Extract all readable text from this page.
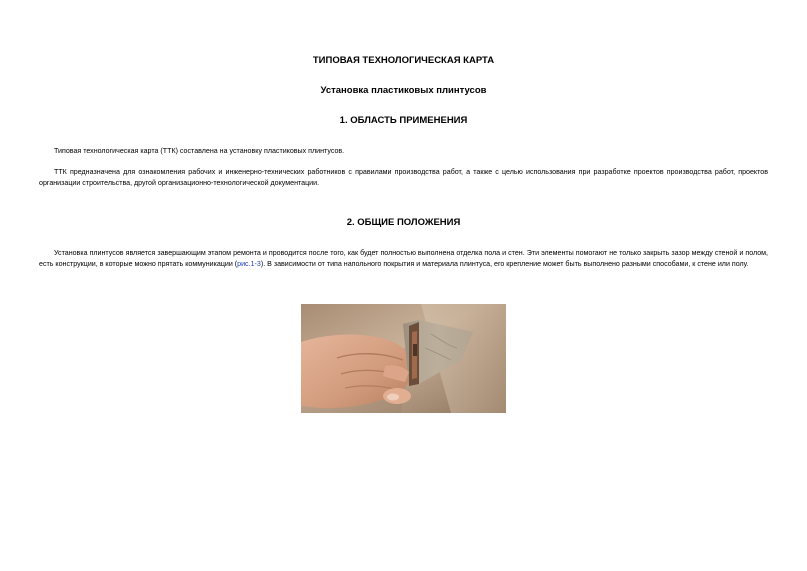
ТИПОВАЯ ТЕХНОЛОГИЧЕСКАЯ КАРТА
Установка пластиковых плинтусов
1. ОБЛАСТЬ ПРИМЕНЕНИЯ
Типовая технологическая карта (ТТК) составлена на установку пластиковых плинтусов.
ТТК предназначена для ознакомления рабочих и инженерно-технических работников с правилами производства работ, а также с целью использования при разработке проектов производства работ, проектов организации строительства, другой организационно-технологической документации.
2. ОБЩИЕ ПОЛОЖЕНИЯ
Установка плинтусов является завершающим этапом ремонта и проводится после того, как будет полностью выполнена отделка пола и стен. Эти элементы помогают не только закрыть зазор между стеной и полом, есть конструкции, в которые можно прятать коммуникации (рис.1-3). В зависимости от типа напольного покрытия и материала плинтуса, его крепление может быть выполнено разными способами, к стене или полу.
